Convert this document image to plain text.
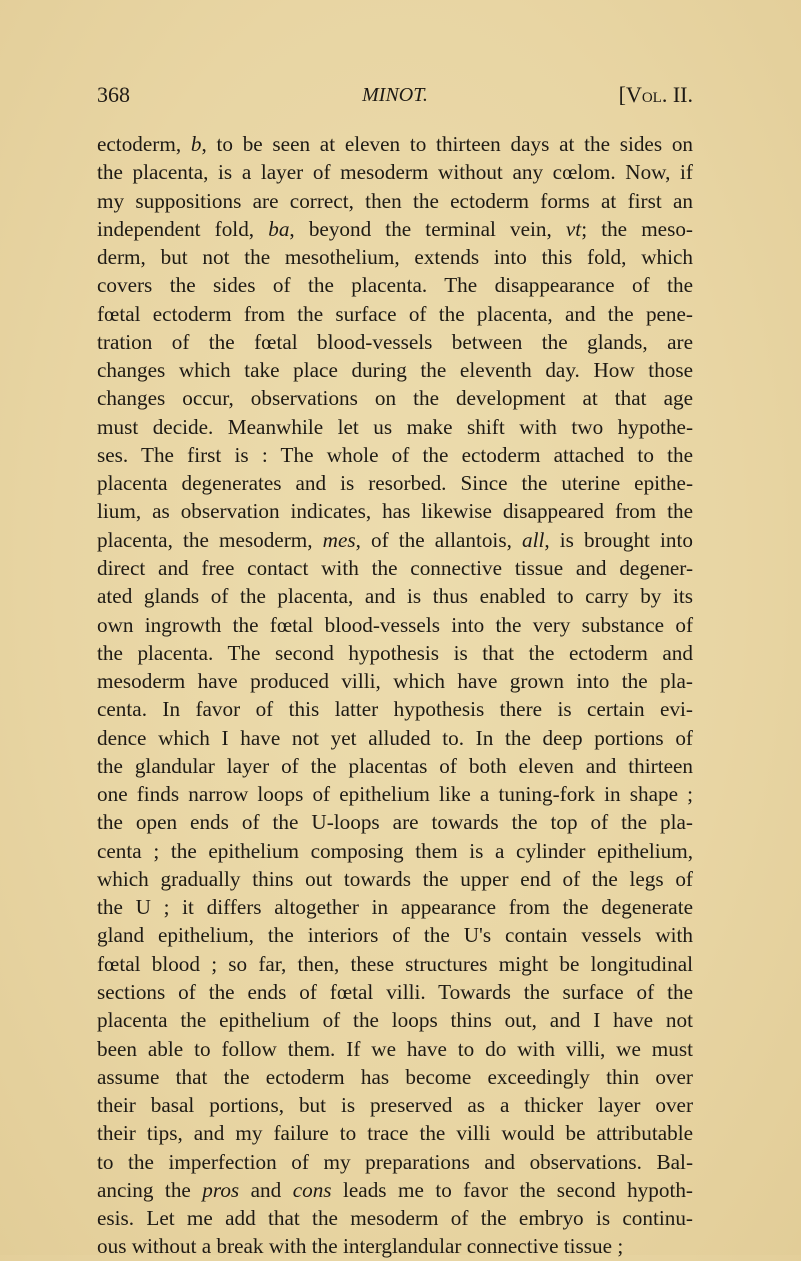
368	MINOT.	[Vol. II.
ectoderm, b, to be seen at eleven to thirteen days at the sides on
the placenta, is a layer of mesoderm without any cœlom. Now, if
my suppositions are correct, then the ectoderm forms at first an
independent fold, ba, beyond the terminal vein, vt; the meso-
derm, but not the mesothelium, extends into this fold, which
covers the sides of the placenta. The disappearance of the
fœtal ectoderm from the surface of the placenta, and the pene-
tration of the fœtal blood-vessels between the glands, are
changes which take place during the eleventh day. How those
changes occur, observations on the development at that age
must decide. Meanwhile let us make shift with two hypothe-
ses. The first is : The whole of the ectoderm attached to the
placenta degenerates and is resorbed. Since the uterine epithe-
lium, as observation indicates, has likewise disappeared from the
placenta, the mesoderm, mes, of the allantois, all, is brought into
direct and free contact with the connective tissue and degener-
ated glands of the placenta, and is thus enabled to carry by its
own ingrowth the fœtal blood-vessels into the very substance of
the placenta. The second hypothesis is that the ectoderm and
mesoderm have produced villi, which have grown into the pla-
centa. In favor of this latter hypothesis there is certain evi-
dence which I have not yet alluded to. In the deep portions of
the glandular layer of the placentas of both eleven and thirteen
one finds narrow loops of epithelium like a tuning-fork in shape ;
the open ends of the U-loops are towards the top of the pla-
centa ; the epithelium composing them is a cylinder epithelium,
which gradually thins out towards the upper end of the legs of
the U ; it differs altogether in appearance from the degenerate
gland epithelium, the interiors of the U's contain vessels with
fœtal blood ; so far, then, these structures might be longitudinal
sections of the ends of fœtal villi. Towards the surface of the
placenta the epithelium of the loops thins out, and I have not
been able to follow them. If we have to do with villi, we must
assume that the ectoderm has become exceedingly thin over
their basal portions, but is preserved as a thicker layer over
their tips, and my failure to trace the villi would be attributable
to the imperfection of my preparations and observations. Bal-
ancing the pros and cons leads me to favor the second hypoth-
esis. Let me add that the mesoderm of the embryo is continu-
ous without a break with the interglandular connective tissue ;
